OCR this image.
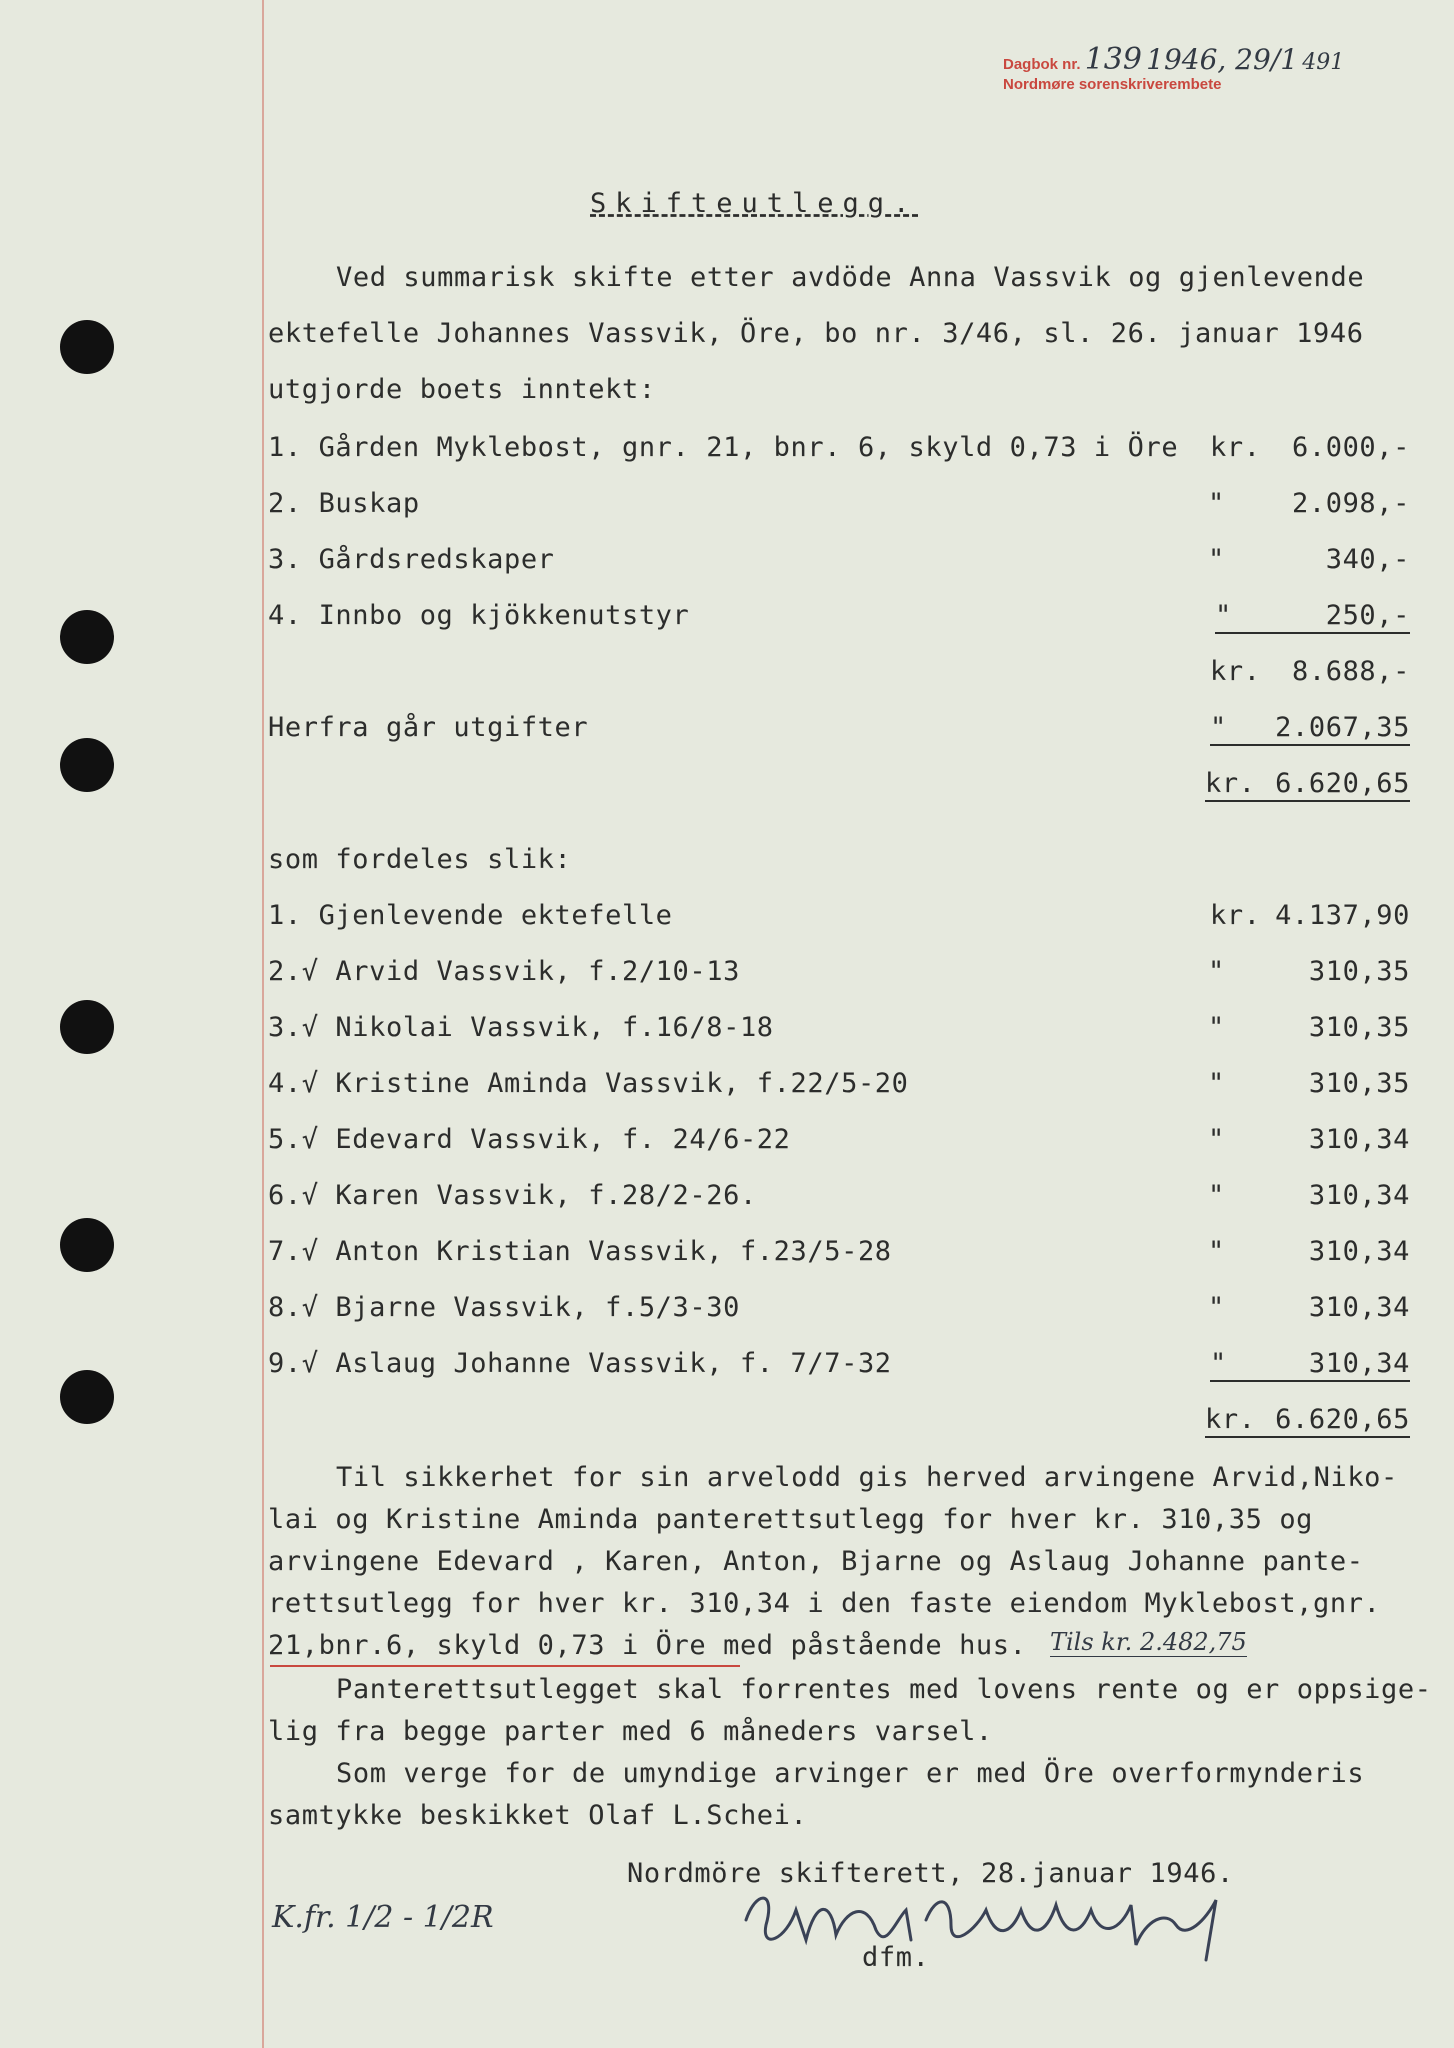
Dagbok nr. 139 1946, 29/1 491
Nordmøre sorenskriverembete
Skifteutlegg.
Ved summarisk skifte etter avdöde Anna Vassvik og gjenlevende
ektefelle Johannes Vassvik, Öre, bo nr. 3/46, sl. 26. januar 1946
utgjorde boets inntekt:
1. Gården Myklebost, gnr. 21, bnr. 6, skyld 0,73 i Öre kr. 6.000,-
2. Buskap	" 2.098,-
3. Gårdsredskaper	"	340,-
4. Innbo og kjökkenutstyr	"	250,-
kr. 8.688,-
Herfra går utgifter	" 2.067,35
kr. 6.620,65
som fordeles slik:
1. Gjenlevende ektefelle	kr. 4.137,90
2.√ Arvid Vassvik, f.2/10-13	"	310,35
3.√ Nikolai Vassvik, f.16/8-18	"	310,35
4.√ Kristine Aminda Vassvik, f.22/5-20	"	310,35
5.√ Edevard Vassvik, f. 24/6-22	"	310,34
6.√ Karen Vassvik, f.28/2-26.	"	310,34
7.√ Anton Kristian Vassvik, f.23/5-28	"	310,34
8.√ Bjarne Vassvik, f.5/3-30	"	310,34
9.√ Aslaug Johanne Vassvik, f. 7/7-32	"	310,34
kr. 6.620,65
Til sikkerhet for sin arvelodd gis herved arvingene Arvid,Niko-
lai og Kristine Aminda panterettsutlegg for hver kr. 310,35 og
arvingene Edevard , Karen, Anton, Bjarne og Aslaug Johanne pante-
rettsutlegg for hver kr. 310,34 i den faste eiendom Myklebost,gnr.
21,bnr.6, skyld 0,73 i Öre med påstående hus. Tils kr. 2.482,75
Panterettsutlegget skal forrentes med lovens rente og er oppsige-
lig fra begge parter med 6 måneders varsel.
Som verge for de umyndige arvinger er med Öre overformynderis
samtykke beskikket Olaf L.Schei.
Nordmöre skifterett, 28.januar 1946.
K.fr. 1/2 - 1/2R
dfm.
